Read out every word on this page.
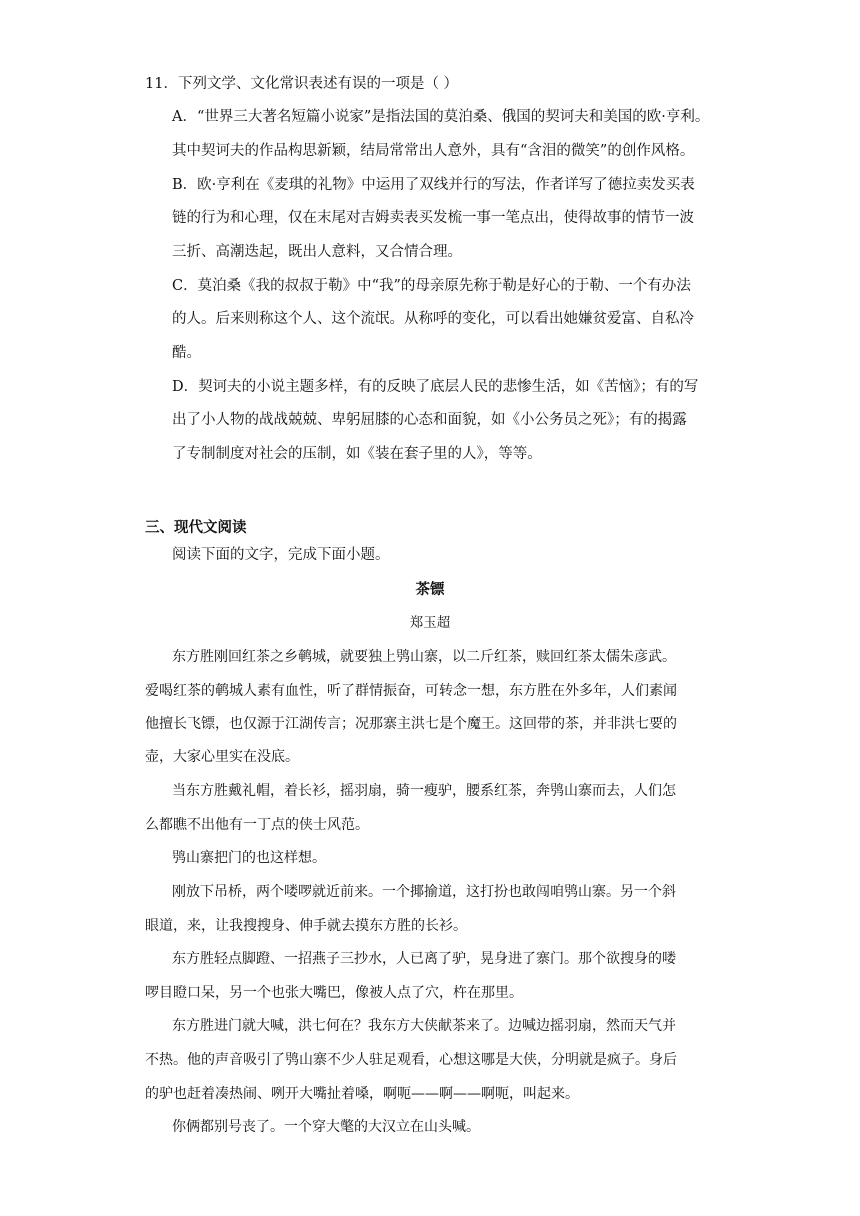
11．下列文学、文化常识表述有误的一项是（ ）
A．“世界三大著名短篇小说家”是指法国的莫泊桑、俄国的契诃夫和美国的欧·亨利。
其中契诃夫的作品构思新颖，结局常常出人意外，具有“含泪的微笑”的创作风格。
B．欧·亨利在《麦琪的礼物》中运用了双线并行的写法，作者详写了德拉卖发买表
链的行为和心理，仅在末尾对吉姆卖表买发梳一事一笔点出，使得故事的情节一波
三折、高潮迭起，既出人意料，又合情合理。
C．莫泊桑《我的叔叔于勒》中“我”的母亲原先称于勒是好心的于勒、一个有办法
的人。后来则称这个人、这个流氓。从称呼的变化，可以看出她嫌贫爱富、自私冷
酷。
D．契诃夫的小说主题多样，有的反映了底层人民的悲惨生活，如《苦恼》；有的写
出了小人物的战战兢兢、卑躬屈膝的心态和面貌，如《小公务员之死》；有的揭露
了专制制度对社会的压制，如《装在套子里的人》，等等。
三、现代文阅读
阅读下面的文字，完成下面小题。
茶镖
郑玉超
东方胜刚回红茶之乡鹌城，就要独上鸮山寨，以二斤红茶，赎回红茶太儒朱彦武。
爱喝红茶的鹌城人素有血性，听了群情振奋，可转念一想，东方胜在外多年，人们素闻
他擅长飞镖，也仅源于江湖传言；况那寨主洪七是个魔王。这回带的茶，并非洪七要的
壶，大家心里实在没底。
当东方胜戴礼帽，着长衫，摇羽扇，骑一瘦驴，腰系红茶，奔鸮山寨而去，人们怎
么都瞧不出他有一丁点的侠士风范。
鸮山寨把门的也这样想。
刚放下吊桥，两个喽啰就近前来。一个揶揄道，这打扮也敢闯咱鸮山寨。另一个斜
眼道，来，让我搜搜身、伸手就去摸东方胜的长衫。
东方胜轻点脚蹬、一招燕子三抄水，人已离了驴，晃身进了寨门。那个欲搜身的喽
啰目瞪口呆，另一个也张大嘴巴，像被人点了穴，杵在那里。
东方胜进门就大喊，洪七何在？我东方大侠献茶来了。边喊边摇羽扇，然而天气并
不热。他的声音吸引了鸮山寨不少人驻足观看，心想这哪是大侠，分明就是疯子。身后
的驴也赶着凑热闹、咧开大嘴扯着嗓，啊呃——啊——啊呃，叫起来。
你俩都别号丧了。一个穿大氅的大汉立在山头喊。
